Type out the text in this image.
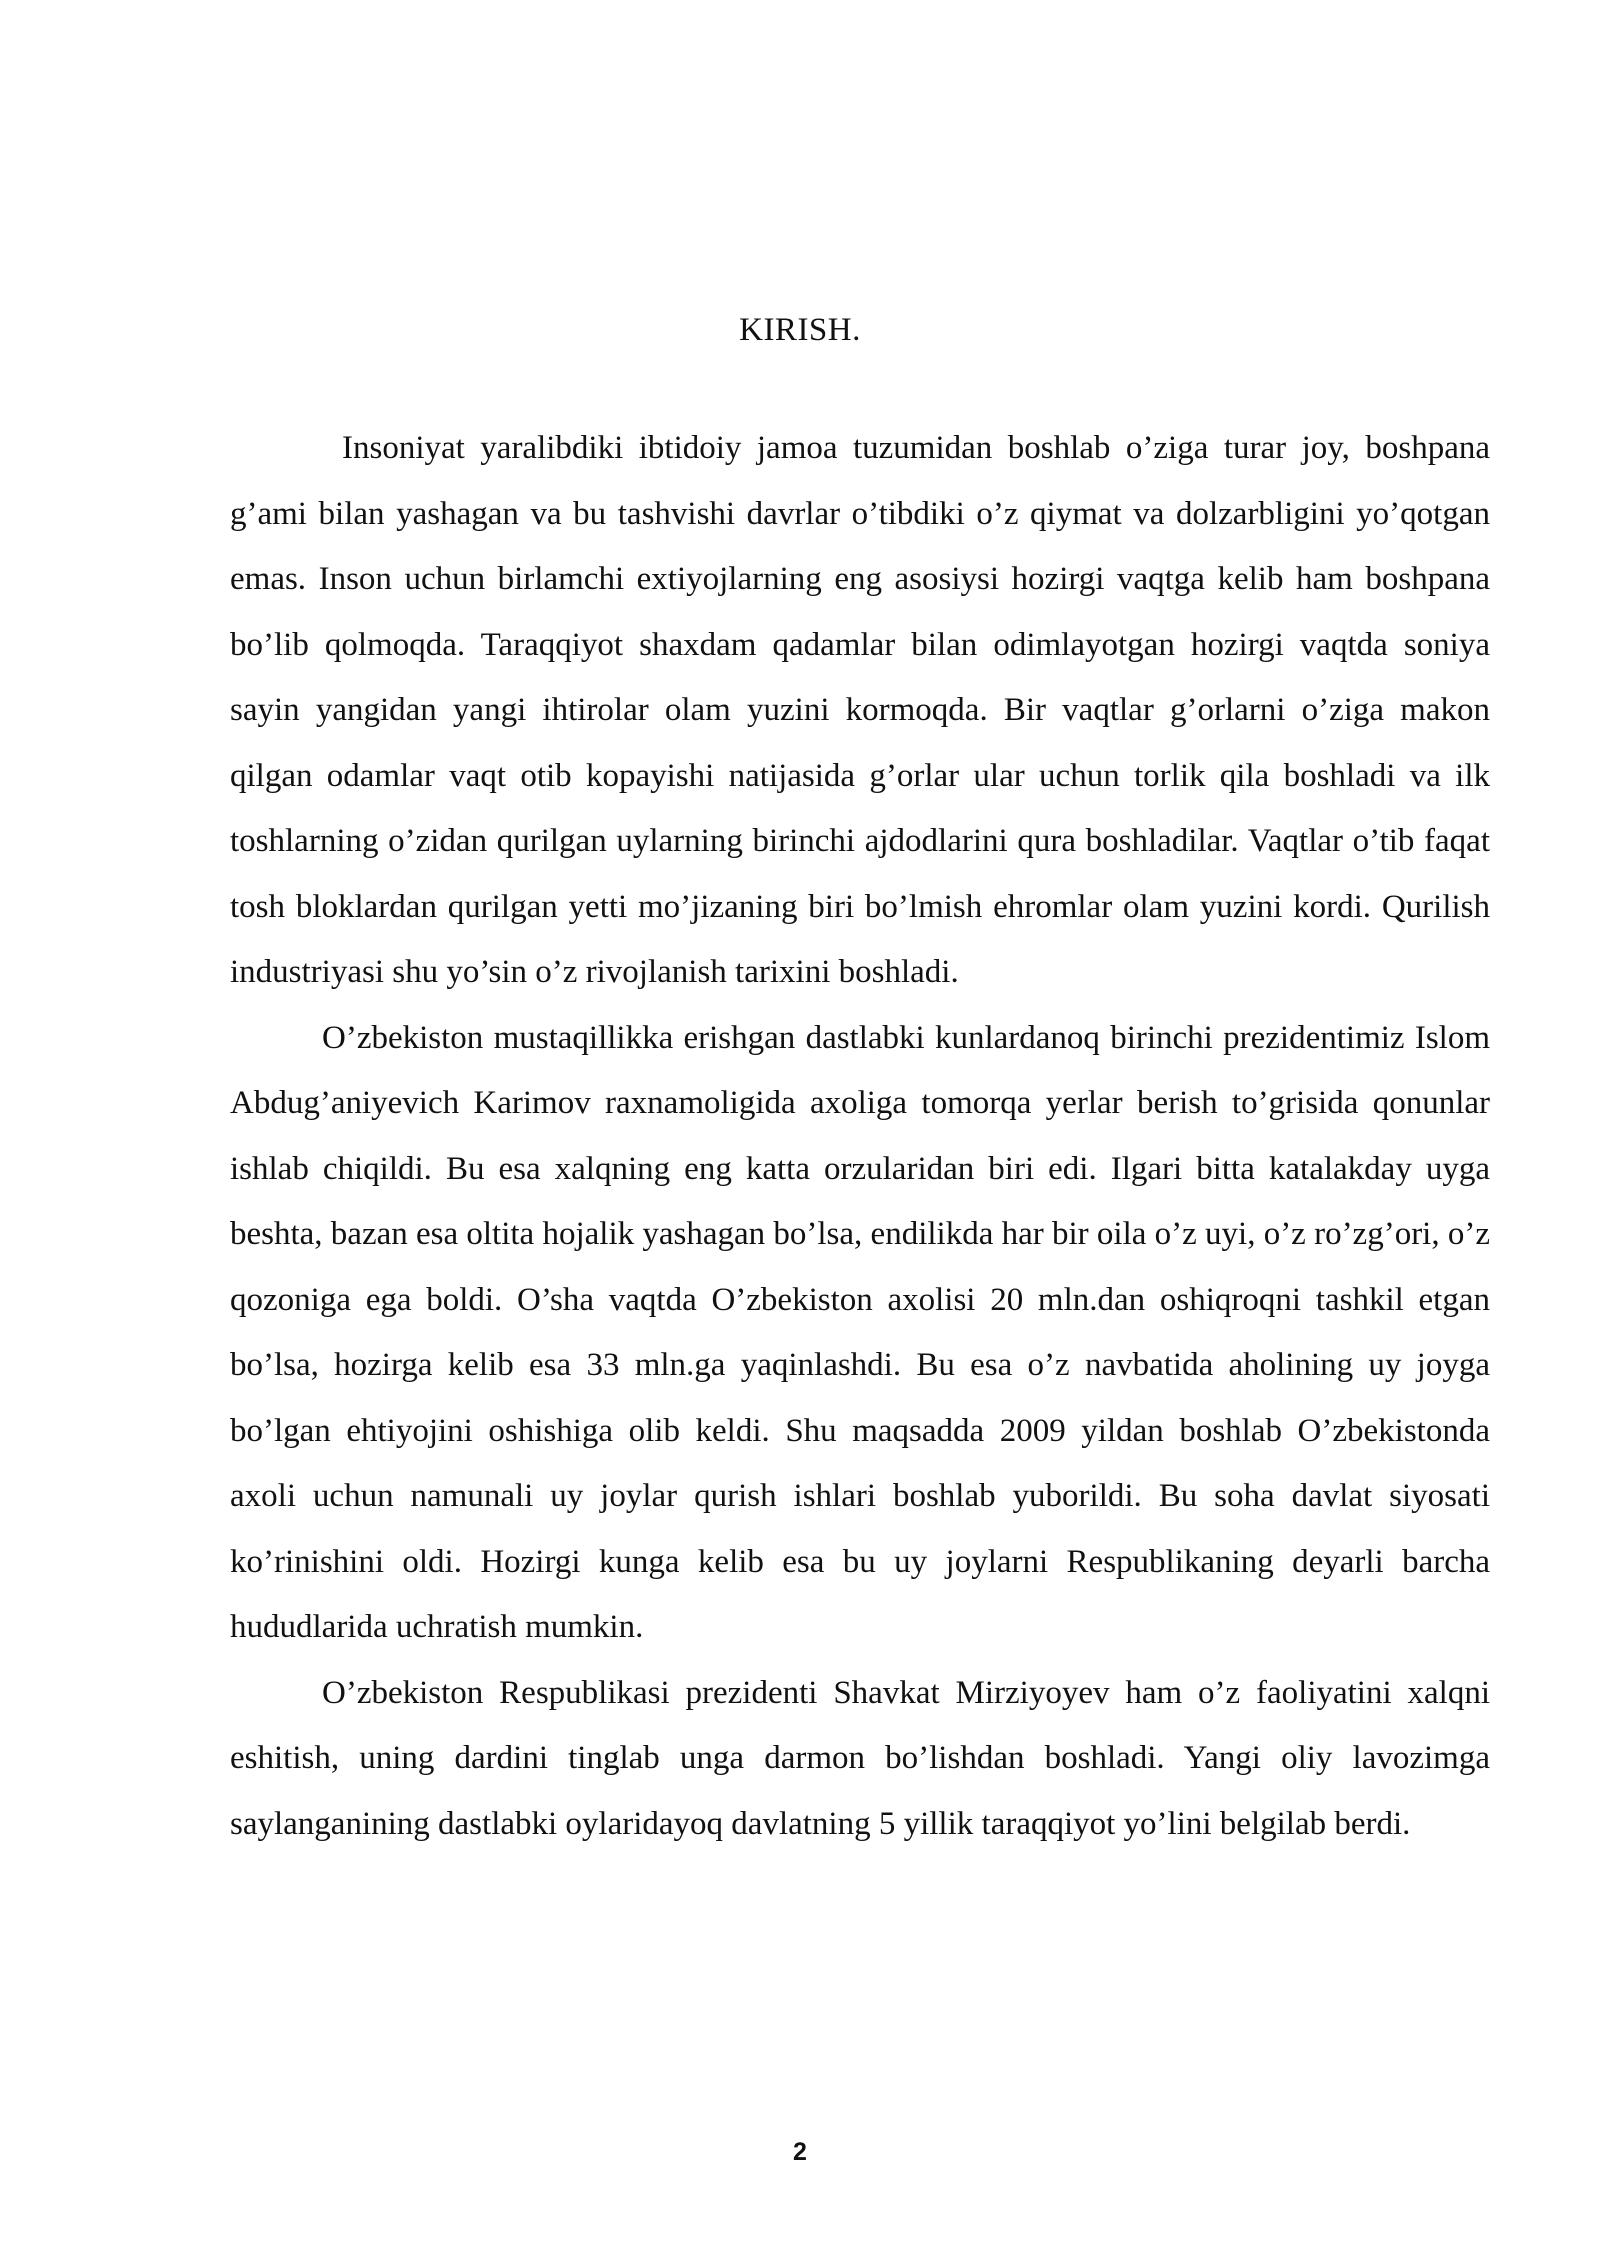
KIRISH.

Insoniyat yaralibdiki ibtidoiy jamoa tuzumidan boshlab o’ziga turar joy, boshpana g’ami bilan yashagan va bu tashvishi davrlar o’tibdiki o’z qiymat va dolzarbligini yo’qotgan emas. Inson uchun birlamchi extiyojlarning eng asosiysi hozirgi vaqtga kelib ham boshpana bo’lib qolmoqda. Taraqqiyot shaxdam qadamlar bilan odimlayotgan hozirgi vaqtda soniya sayin yangidan yangi ihtirolar olam yuzini kormoqda. Bir vaqtlar g’orlarni o’ziga makon qilgan odamlar vaqt otib kopayishi natijasida g’orlar ular uchun torlik qila boshladi va ilk toshlarning o’zidan qurilgan uylarning birinchi ajdodlarini qura boshladilar. Vaqtlar o’tib faqat tosh bloklardan qurilgan yetti mo’jizaning biri bo’lmish ehromlar olam yuzini kordi. Qurilish industriyasi shu yo’sin o’z rivojlanish tarixini boshladi.

O’zbekiston mustaqillikka erishgan dastlabki kunlardanoq birinchi prezidentimiz Islom Abdug’aniyevich Karimov raxnamoligida axoliga tomorqa yerlar berish to’grisida qonunlar ishlab chiqildi. Bu esa xalqning eng katta orzularidan biri edi. Ilgari bitta katalakday uyga beshta, bazan esa oltita hojalik yashagan bo’lsa, endilikda har bir oila o’z uyi, o’z ro’zg’ori, o’z qozoniga ega boldi. O’sha vaqtda O’zbekiston axolisi 20 mln.dan oshiqroqni tashkil etgan bo’lsa, hozirga kelib esa 33 mln.ga yaqinlashdi. Bu esa o’z navbatida aholining uy joyga bo’lgan ehtiyojini oshishiga olib keldi. Shu maqsadda 2009 yildan boshlab O’zbekistonda axoli uchun namunali uy joylar qurish ishlari boshlab yuborildi. Bu soha davlat siyosati ko’rinishini oldi. Hozirgi kunga kelib esa bu uy joylarni Respublikaning deyarli barcha hududlarida uchratish mumkin.

O’zbekiston Respublikasi prezidenti Shavkat Mirziyoyev ham o’z faoliyatini xalqni eshitish, uning dardini tinglab unga darmon bo’lishdan boshladi. Yangi oliy lavozimga saylanganining dastlabki oylaridayoq davlatning 5 yillik taraqqiyot yo’lini belgilab berdi.

2
